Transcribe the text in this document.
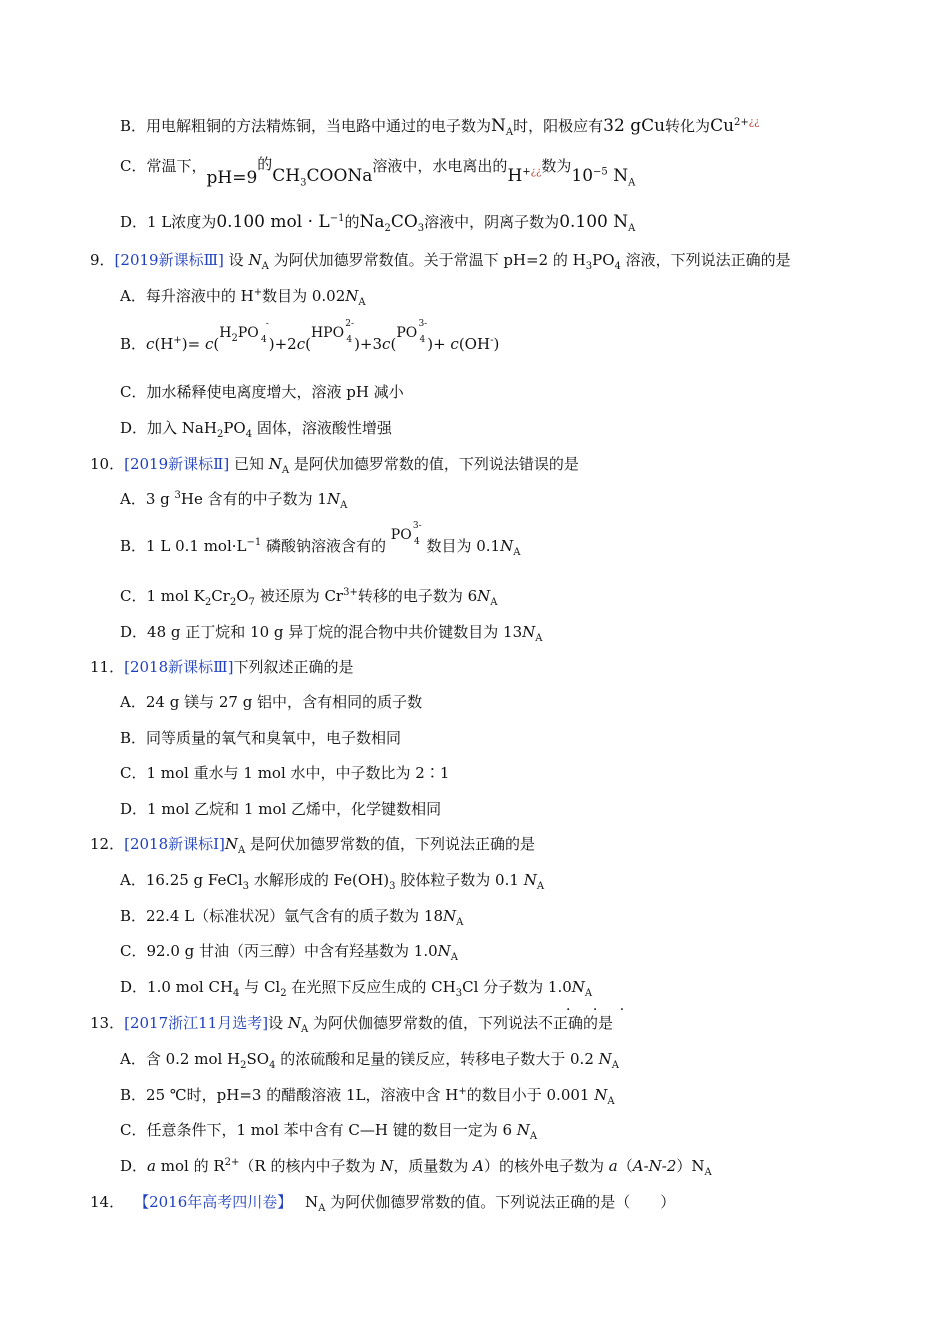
B．用电解粗铜的方法精炼铜，当电路中通过的电子数为$N_A$时，阳极应有32 gCu转化为$Cu^{2+¿¿}$
C．常温下，pH=9的$CH_3COONa$溶液中，水电离出的H+¿¿数为$10^{-5}$ $N_A$
D．1 L浓度为0.100 mol · $L^{-1}$的$Na_2CO_3$溶液中，阴离子数为0.100 $N_A$
9．[2019新课标Ⅲ] 设 $N_A$ 为阿伏加德罗常数值。关于常温下 pH=2 的 $H_3PO_4$ 溶液，下列说法正确的是
A．每升溶液中的 H+数目为 $0.02N_A$
B．$c(H^+)= c(H_2PO$
-
4 )+2c(HPO
2-
4 )+3c(PO
3-
4 )+ c(OH-)
C．加水稀释使电离度增大，溶液 pH 减小
D．加入 $NaH_2PO_4$ 固体，溶液酸性增强
10．[2019新课标Ⅱ] 已知 $N_A$ 是阿伏加德罗常数的值，下列说法错误的是
A．3 g $^3$He 含有的中子数为 $1N_A$
B．1 L 0.1 $mol\cdot L^{-1}$ 磷酸钠溶液含有的 PO
3-
4 数目为 $0.1N_A$
C．1 mol $K_2Cr_2O_7$ 被还原为 $Cr^{3+}$转移的电子数为 $6N_A$
D．48 g 正丁烷和 10 g 异丁烷的混合物中共价键数目为 $13N_A$
11．[2018新课标Ⅲ]下列叙述正确的是
A．24 g 镁与 27 g 铝中，含有相同的质子数
B．同等质量的氧气和臭氧中，电子数相同
C．1 mol 重水与 1 mol 水中，中子数比为 2∶1
D．1 mol 乙烷和 1 mol 乙烯中，化学键数相同
12．[2018新课标$Ⅰ]N_A$ 是阿伏加德罗常数的值，下列说法正确的是
A．16.25 g FeCl$_3$ 水解形成的 $Fe(OH)_3$ 胶体粒子数为 0.1 $N_A$
B．22.4 L（标准状况）氩气含有的质子数为 $18N_A$
C．92.0 g 甘油（丙三醇）中含有羟基数为 $1.0N_A$
D．1.0 mol $CH_4$ 与 $Cl_2$ 在光照下反应生成的 $CH_3Cl$ 分子数为 $1.0N_A$
· · ·
13．[2017浙江11月选考]设 $N_A$ 为阿伏伽德罗常数的值，下列说法不正确的是
A．含 0.2 mol $H_2SO_4$ 的浓硫酸和足量的镁反应，转移电子数大于 0.2 $N_A$
B．25 ℃时，pH=3 的醋酸溶液 1L，溶液中含 H+的数目小于 0.001 $N_A$
C．任意条件下，1 mol 苯中含有 C—H 键的数目一定为 6 $N_A$
D．a mol 的 $R^{2+}(R$ 的核内中子数为 N，质量数为 A）的核外电子数为 $a(A-N-2)N_A$
14． 【2016年高考四川卷】 $N_A$ 为阿伏伽德罗常数的值。下列说法正确的是（　　）
